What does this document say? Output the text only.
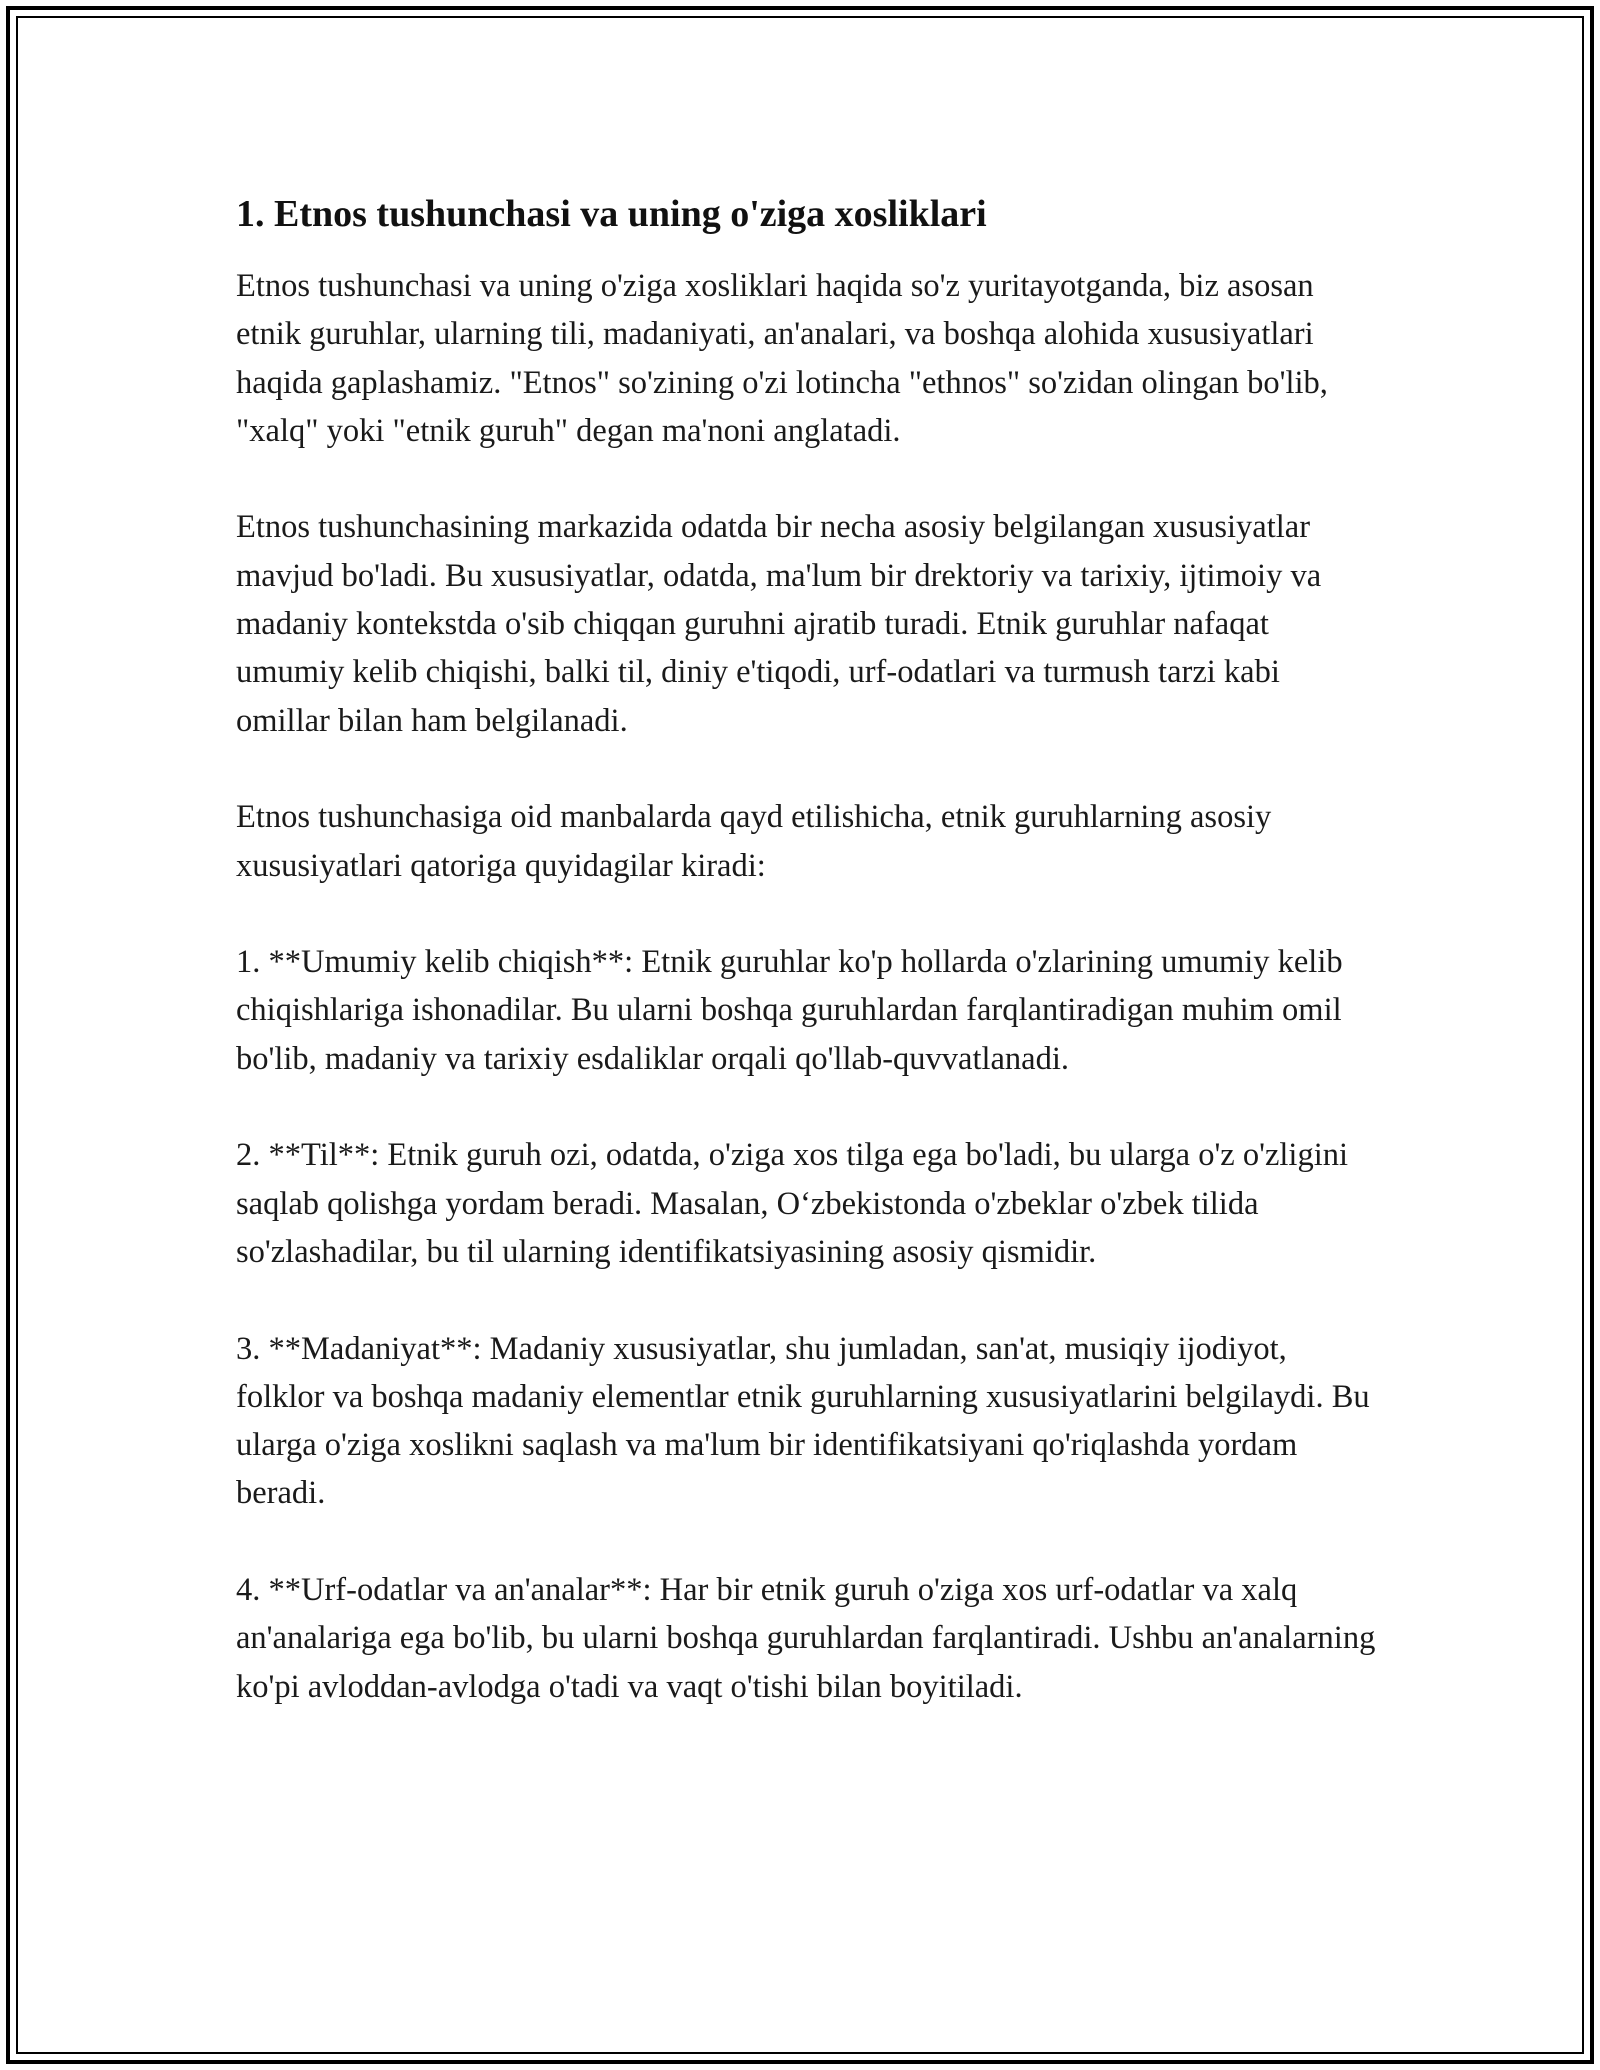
1. Etnos tushunchasi va uning o'ziga xosliklari

Etnos tushunchasi va uning o'ziga xosliklari haqida so'z yuritayotganda, biz asosan etnik guruhlar, ularning tili, madaniyati, an'analari, va boshqa alohida xususiyatlari haqida gaplashamiz. "Etnos" so'zining o'zi lotincha "ethnos" so'zidan olingan bo'lib, "xalq" yoki "etnik guruh" degan ma'noni anglatadi.

Etnos tushunchasining markazida odatda bir necha asosiy belgilangan xususiyatlar mavjud bo'ladi. Bu xususiyatlar, odatda, ma'lum bir drektoriy va tarixiy, ijtimoiy va madaniy kontekstda o'sib chiqqan guruhni ajratib turadi. Etnik guruhlar nafaqat umumiy kelib chiqishi, balki til, diniy e'tiqodi, urf-odatlari va turmush tarzi kabi omillar bilan ham belgilanadi.

Etnos tushunchasiga oid manbalarda qayd etilishicha, etnik guruhlarning asosiy xususiyatlari qatoriga quyidagilar kiradi:

1. **Umumiy kelib chiqish**: Etnik guruhlar ko'p hollarda o'zlarining umumiy kelib chiqishlariga ishonadilar. Bu ularni boshqa guruhlardan farqlantiradigan muhim omil bo'lib, madaniy va tarixiy esdaliklar orqali qo'llab-quvvatlanadi.

2. **Til**: Etnik guruh ozi, odatda, o'ziga xos tilga ega bo'ladi, bu ularga o'z o'zligini saqlab qolishga yordam beradi. Masalan, O‘zbekistonda o'zbeklar o'zbek tilida so'zlashadilar, bu til ularning identifikatsiyasining asosiy qismidir.

3. **Madaniyat**: Madaniy xususiyatlar, shu jumladan, san'at, musiqiy ijodiyot, folklor va boshqa madaniy elementlar etnik guruhlarning xususiyatlarini belgilaydi. Bu ularga o'ziga xoslikni saqlash va ma'lum bir identifikatsiyani qo'riqlashda yordam beradi.

4. **Urf-odatlar va an'analar**: Har bir etnik guruh o'ziga xos urf-odatlar va xalq an'analariga ega bo'lib, bu ularni boshqa guruhlardan farqlantiradi. Ushbu an'analarning ko'pi avloddan-avlodga o'tadi va vaqt o'tishi bilan boyitiladi.
